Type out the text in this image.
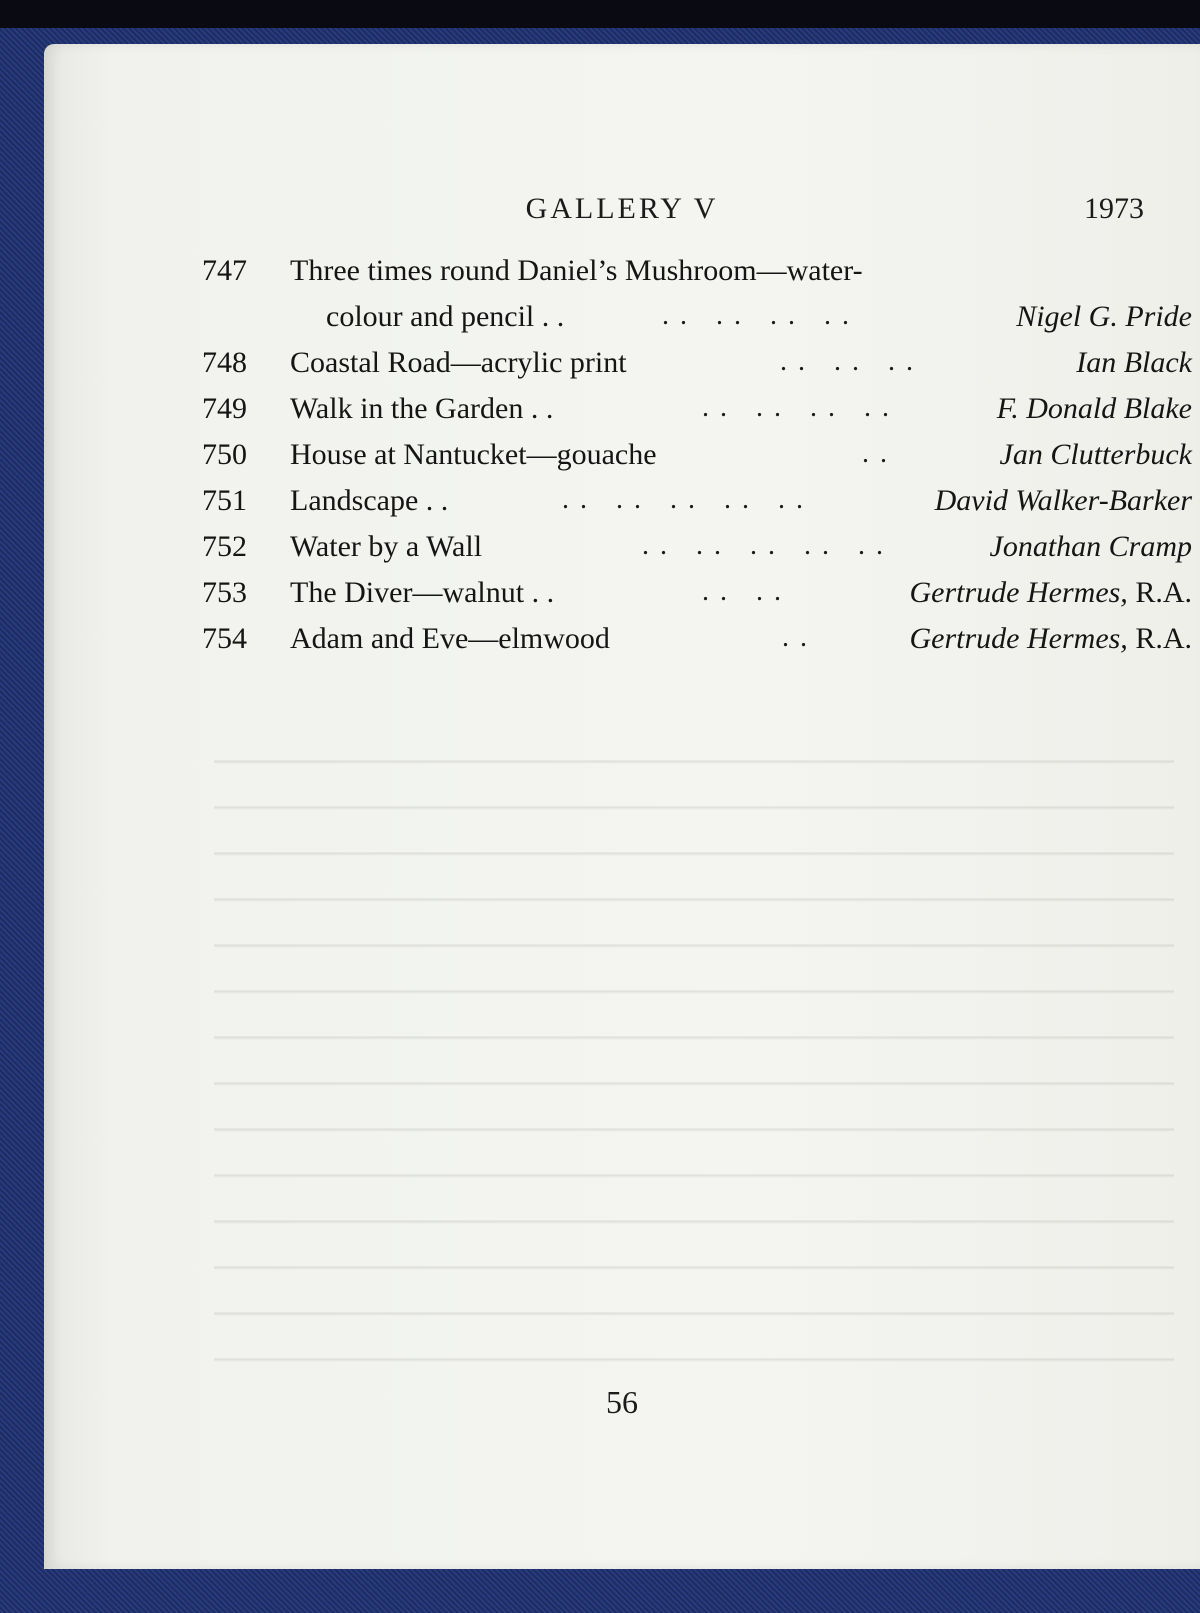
GALLERY V	1973
747 Three times round Daniel’s Mushroom—water-
colour and pencil . .	. .   . .   . .   . .	Nigel G. Pride
748 Coastal Road—acrylic print	. .   . .   . .	Ian Black
749 Walk in the Garden . .	. .   . .   . .   . .	F. Donald Blake
750 House at Nantucket—gouache	. .	Jan Clutterbuck
751 Landscape . .	. .   . .   . .   . .   . .	David Walker-Barker
752 Water by a Wall	. .   . .   . .   . .   . .	Jonathan Cramp
753 The Diver—walnut . .	. .   . .	Gertrude Hermes, R.A.
754 Adam and Eve—elmwood	. .	Gertrude Hermes, R.A.
56
